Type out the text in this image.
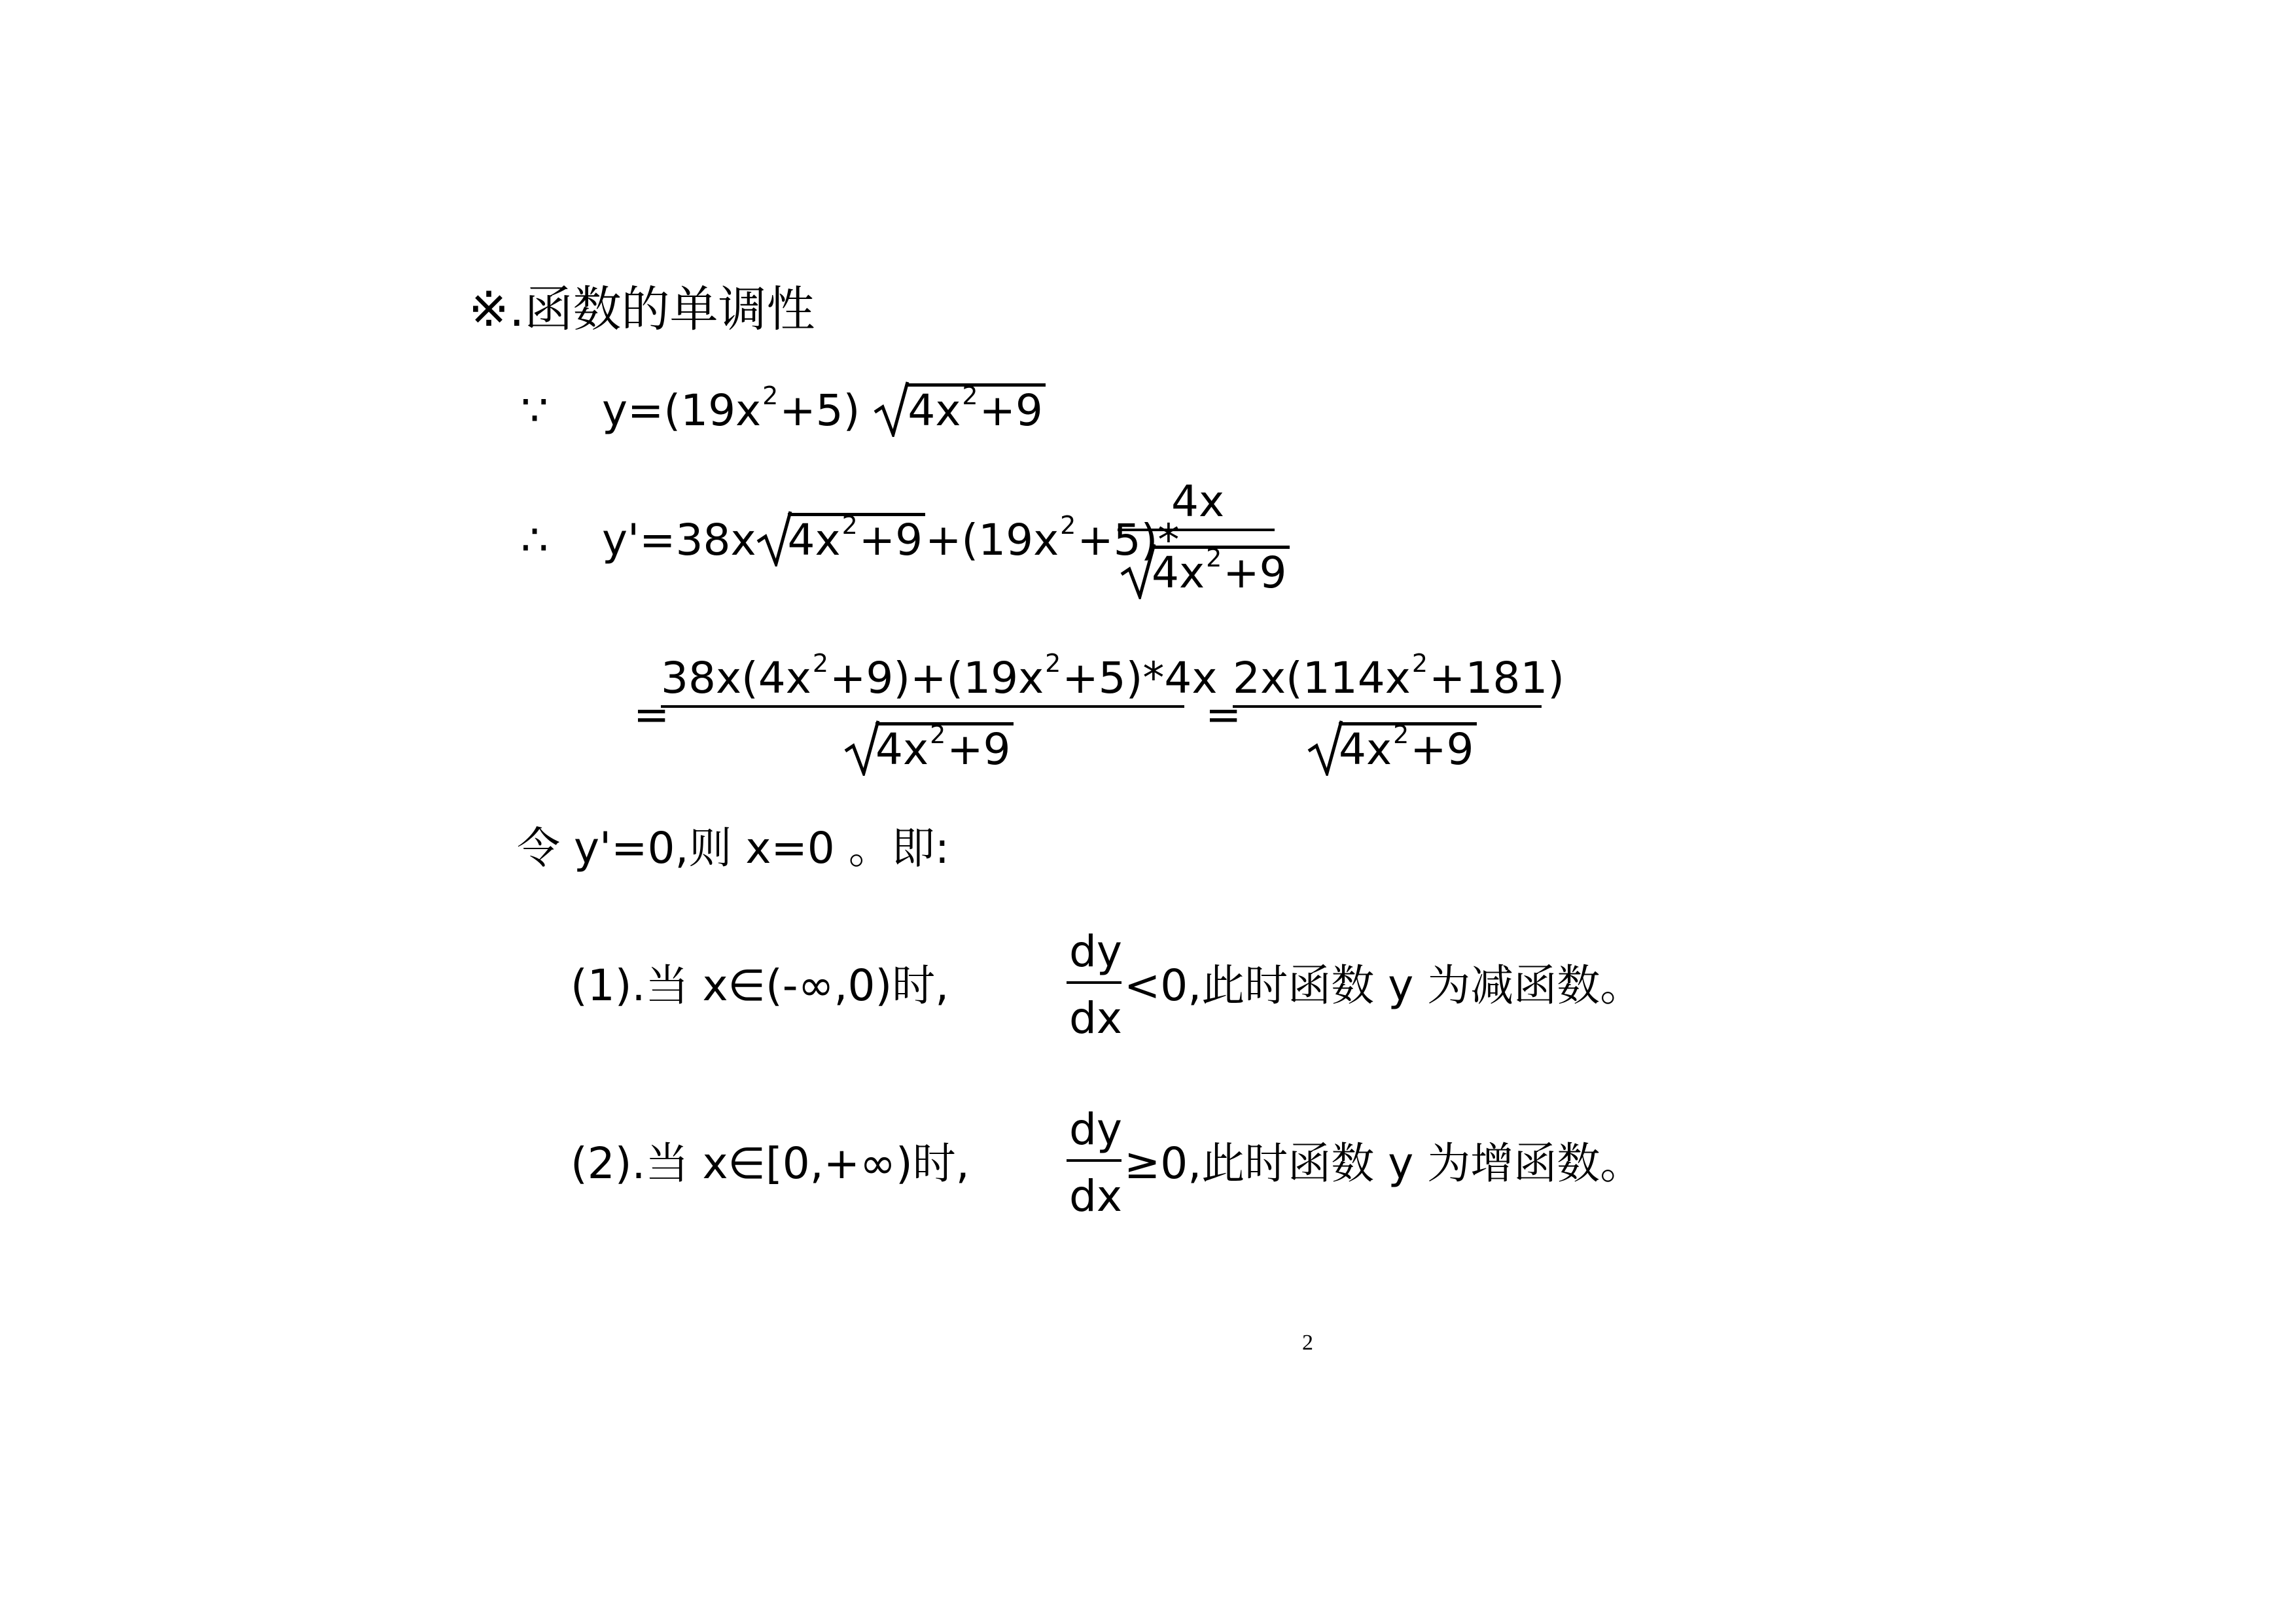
※.函数的单调性
∵ $y=(19x^2+5)$ $4x^2+9$
∴ y'=38x $4x^2+9+(19x^2+5)*$
4x
$4x^2+9$
=
$38x(4x^2+9)+(19x^2+5)*4x$
$4x^2+9$
=
$2x(114x^2+181)$
$4x^2+9$
令 y'=0,则 x=0 。即:
(1).当 x∈(-∞,0)时,
dy
dx
<0,此时函数 y 为减函数。
(2).当 x∈[0,+∞)时,
dy
dx
≥0,此时函数 y 为增函数。
2
